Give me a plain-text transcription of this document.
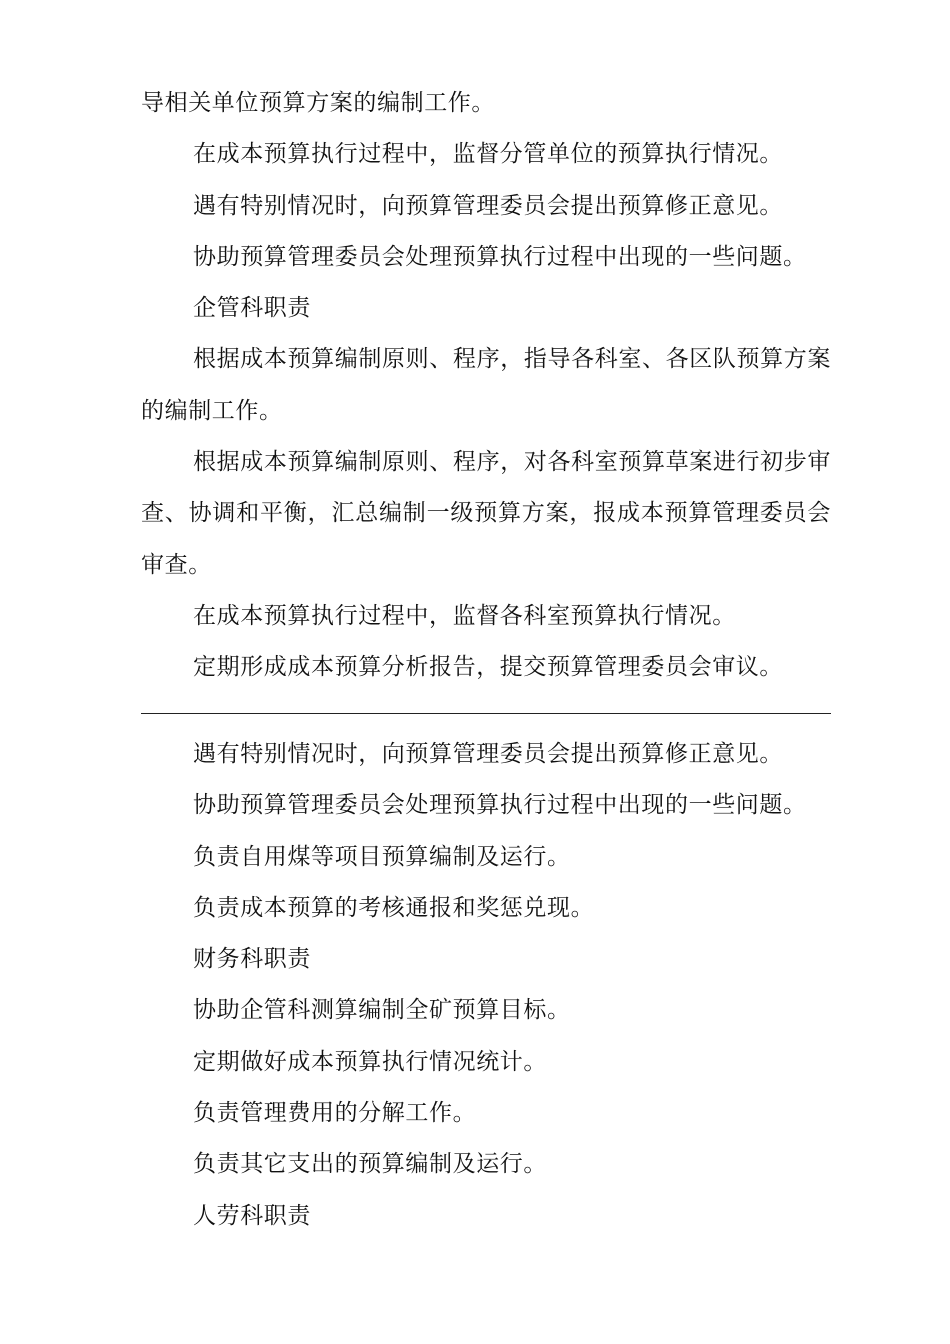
导相关单位预算方案的编制工作。

在成本预算执行过程中，监督分管单位的预算执行情况。

遇有特别情况时，向预算管理委员会提出预算修正意见。

协助预算管理委员会处理预算执行过程中出现的一些问题。

企管科职责

根据成本预算编制原则、程序，指导各科室、各区队预算方案的编制工作。

根据成本预算编制原则、程序，对各科室预算草案进行初步审查、协调和平衡，汇总编制一级预算方案，报成本预算管理委员会审查。

在成本预算执行过程中，监督各科室预算执行情况。

定期形成成本预算分析报告，提交预算管理委员会审议。

遇有特别情况时，向预算管理委员会提出预算修正意见。

协助预算管理委员会处理预算执行过程中出现的一些问题。

负责自用煤等项目预算编制及运行。

负责成本预算的考核通报和奖惩兑现。

财务科职责

协助企管科测算编制全矿预算目标。

定期做好成本预算执行情况统计。

负责管理费用的分解工作。

负责其它支出的预算编制及运行。

人劳科职责
